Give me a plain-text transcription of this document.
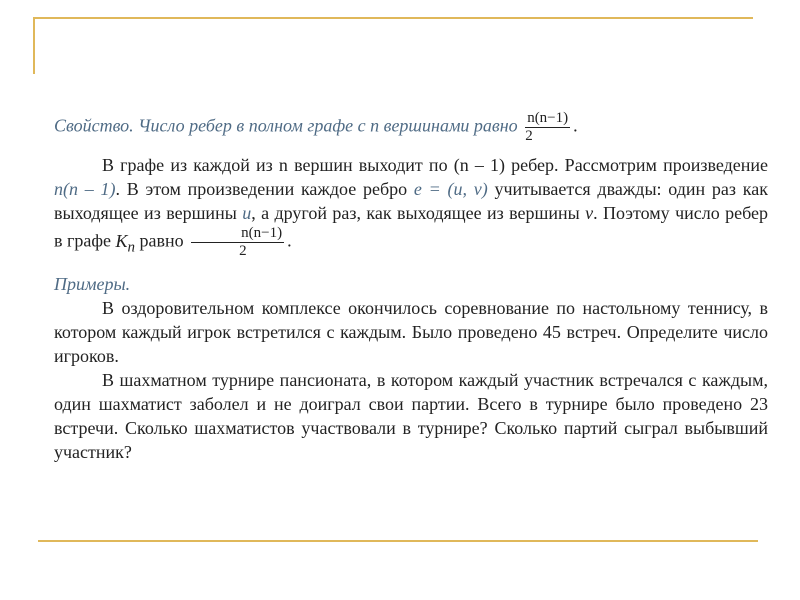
Свойство. Число ребер в полном графе с n вершинами равно $\frac{n(n-1)}{2}$ .

В графе из каждой из n вершин выходит по (n – 1) ребер. Рассмотрим произведение n(n – 1). В этом произведении каждое ребро e = (u, v) учитывается дважды: один раз как выходящее из вершины u, а другой раз, как выходящее из вершины v. Поэтому число ребер в графе $K_n$ равно $\frac{n(n-1)}{2}$ .

Примеры.

В оздоровительном комплексе окончилось соревнование по настольному теннису, в котором каждый игрок встретился с каждым. Было проведено 45 встреч. Определите число игроков.

В шахматном турнире пансионата, в котором каждый участник встречался с каждым, один шахматист заболел и не доиграл свои партии. Всего в турнире было проведено 23 встречи. Сколько шахматистов участвовали в турнире? Сколько партий сыграл выбывший участник?
